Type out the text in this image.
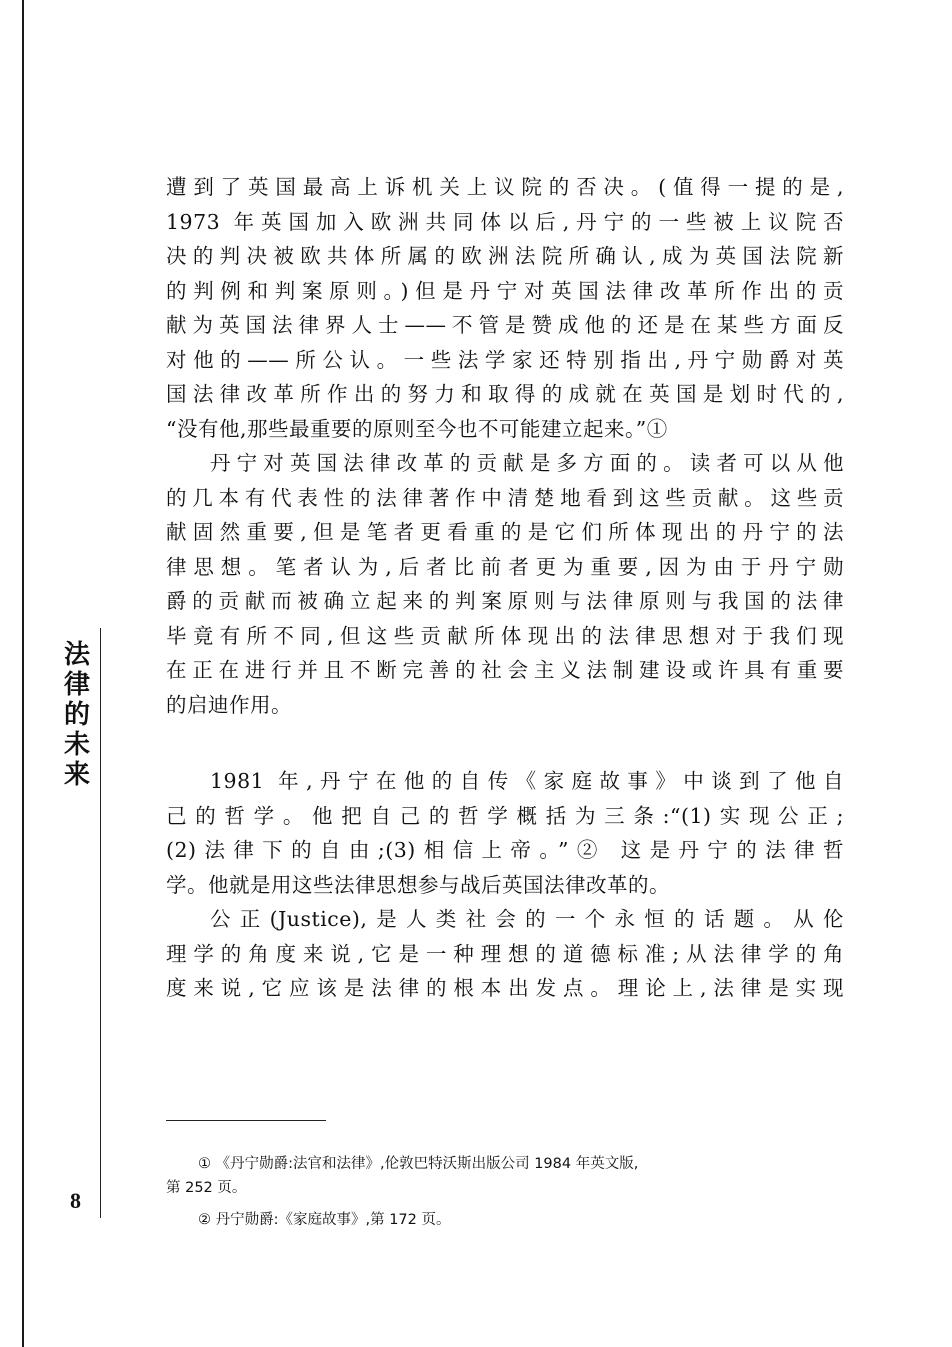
法
律
的
未
来
8
遭到了英国最高上诉机关上议院的否决。(值得一提的是,
1973 年英国加入欧洲共同体以后,丹宁的一些被上议院否
决的判决被欧共体所属的欧洲法院所确认,成为英国法院新
的判例和判案原则。)但是丹宁对英国法律改革所作出的贡
献为英国法律界人士——不管是赞成他的还是在某些方面反
对他的——所公认。一些法学家还特别指出,丹宁勋爵对英
国法律改革所作出的努力和取得的成就在英国是划时代的,
“没有他,那些最重要的原则至今也不可能建立起来。”①
丹宁对英国法律改革的贡献是多方面的。读者可以从他
的几本有代表性的法律著作中清楚地看到这些贡献。这些贡
献固然重要,但是笔者更看重的是它们所体现出的丹宁的法
律思想。笔者认为,后者比前者更为重要,因为由于丹宁勋
爵的贡献而被确立起来的判案原则与法律原则与我国的法律
毕竟有所不同,但这些贡献所体现出的法律思想对于我们现
在正在进行并且不断完善的社会主义法制建设或许具有重要
的启迪作用。
1981 年,丹宁在他的自传《家庭故事》中谈到了他自
己的哲学。他把自己的哲学概括为三条:“(1)实现公正;
(2)法律下的自由;(3)相信上帝。”② 这是丹宁的法律哲
学。他就是用这些法律思想参与战后英国法律改革的。
公正(Justice),是人类社会的一个永恒的话题。从伦
理学的角度来说,它是一种理想的道德标准;从法律学的角
度来说,它应该是法律的根本出发点。理论上,法律是实现
① 《丹宁勋爵:法官和法律》,伦敦巴特沃斯出版公司 1984 年英文版,
第 252 页。
② 丹宁勋爵:《家庭故事》,第 172 页。
